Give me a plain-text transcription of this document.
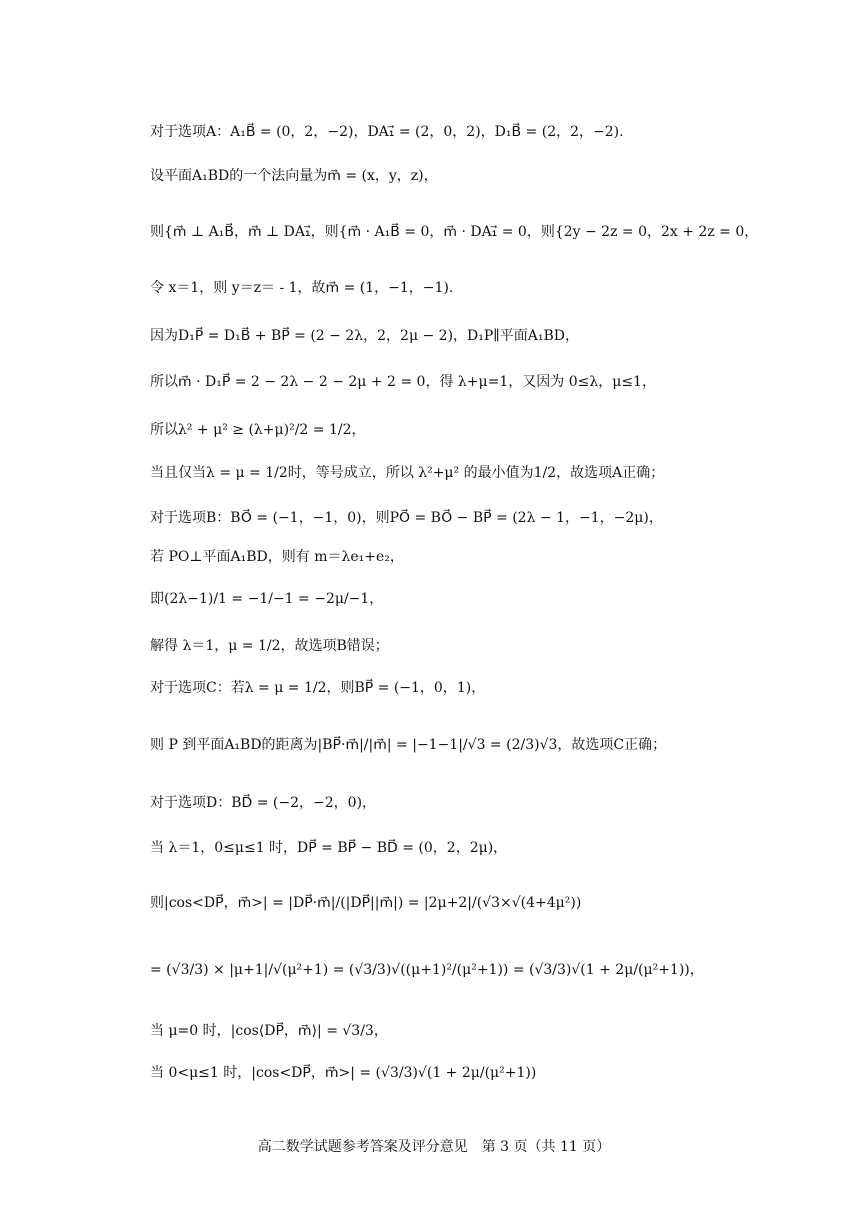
对于选项A：A₁B⃗ = (0，2，−2)，DA₁⃗ = (2，0，2)，D₁B⃗ = (2，2，−2).
设平面A₁BD的一个法向量为m⃗ = (x，y，z)，
则{m⃗ ⊥ A₁B⃗，m⃗ ⊥ DA₁⃗，则{m⃗ · A₁B⃗ = 0，m⃗ · DA₁⃗ = 0，则{2y − 2z = 0，2x + 2z = 0，
令 x＝1，则 y＝z＝ - 1，故m⃗ = (1，−1，−1).
因为D₁P⃗ = D₁B⃗ + BP⃗ = (2 − 2λ，2，2μ − 2)，D₁P∥平面A₁BD，
所以m⃗ · D₁P⃗ = 2 − 2λ − 2 − 2μ + 2 = 0，得 λ+μ=1，又因为 0≤λ，μ≤1，
所以λ² + μ² ≥ (λ+μ)²/2 = 1/2，
当且仅当λ = μ = 1/2时，等号成立，所以 λ²+μ² 的最小值为1/2，故选项A正确；
对于选项B：BO⃗ = (−1，−1，0)，则PO⃗ = BO⃗ − BP⃗ = (2λ − 1，−1，−2μ)，
若 PO⊥平面A₁BD，则有 m＝λe₁+e₂，
即(2λ−1)/1 = −1/−1 = −2μ/−1，
解得 λ＝1，μ = 1/2，故选项B错误；
对于选项C：若λ = μ = 1/2，则BP⃗ = (−1，0，1)，
则 P 到平面A₁BD的距离为|BP⃗·m⃗|/|m⃗| = |−1−1|/√3 = (2/3)√3，故选项C正确；
对于选项D：BD⃗ = (−2，−2，0)，
当 λ＝1，0≤μ≤1 时，DP⃗ = BP⃗ − BD⃗ = (0，2，2μ)，
则|cos<DP⃗，m⃗>| = |DP⃗·m⃗|/(|DP⃗||m⃗|) = |2μ+2|/(√3×√(4+4μ²))
= (√3/3) × |μ+1|/√(μ²+1) = (√3/3)√((μ+1)²/(μ²+1)) = (√3/3)√(1 + 2μ/(μ²+1))，
当 μ=0 时，|cos⟨DP⃗，m⃗⟩| = √3/3，
当 0<μ≤1 时，|cos<DP⃗，m⃗>| = (√3/3)√(1 + 2μ/(μ²+1))
高二数学试题参考答案及评分意见　第 3 页（共 11 页）
